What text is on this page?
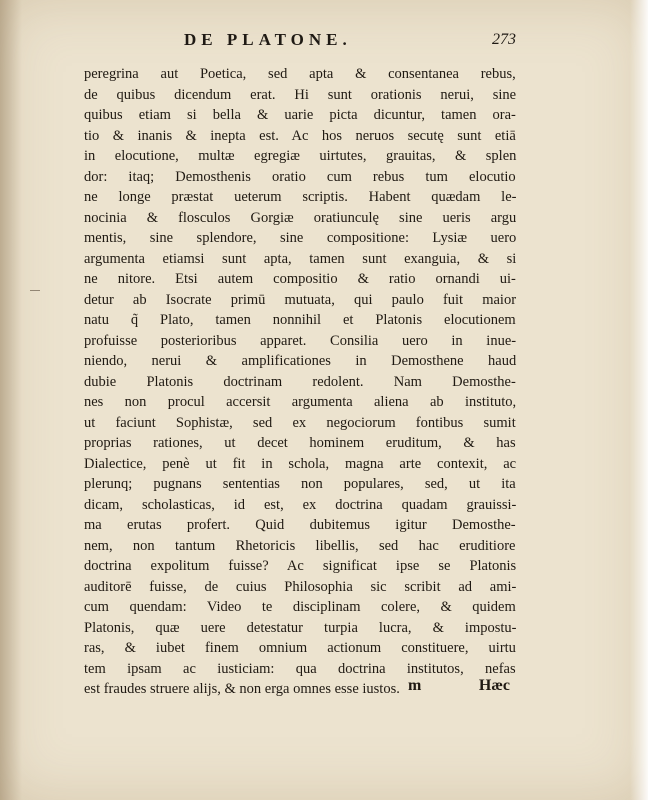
DE PLATONE.	273
peregrina aut Poetica, sed apta & consentanea rebus,
de quibus dicendum erat. Hi sunt orationis nerui, sine
quibus etiam si bella & uarie picta dicuntur, tamen ora-
tio & inanis & inepta est. Ac hos neruos secutę sunt etiā
in elocutione, multæ egregiæ uirtutes, grauitas, & splen
dor: itaq; Demosthenis oratio cum rebus tum elocutio
ne longe præstat ueterum scriptis. Habent quædam le-
nocinia & flosculos Gorgiæ oratiunculę sine ueris argu
mentis, sine splendore, sine compositione: Lysiæ uero
argumenta etiamsi sunt apta, tamen sunt exanguia, & si
ne nitore. Etsi autem compositio & ratio ornandi ui-
detur ab Isocrate primū mutuata, qui paulo fuit maior
natu q̃ Plato, tamen nonnihil et Platonis elocutionem
profuisse posterioribus apparet. Consilia uero in inue-
niendo, nerui & amplificationes in Demosthene haud
dubie Platonis doctrinam redolent. Nam Demosthe-
nes non procul accersit argumenta aliena ab instituto,
ut faciunt Sophistæ, sed ex negociorum fontibus sumit
proprias rationes, ut decet hominem eruditum, & has
Dialectice, penè ut fit in schola, magna arte contexit, ac
plerunq; pugnans sententias non populares, sed, ut ita
dicam, scholasticas, id est, ex doctrina quadam grauissi-
ma erutas profert. Quid dubitemus igitur Demosthe-
nem, non tantum Rhetoricis libellis, sed hac eruditiore
doctrina expolitum fuisse? Ac significat ipse se Platonis
auditorē fuisse, de cuius Philosophia sic scribit ad ami-
cum quendam: Video te disciplinam colere, & quidem
Platonis, quæ uere detestatur turpia lucra, & impostu-
ras, & iubet finem omnium actionum constituere, uirtu
tem ipsam ac iusticiam: qua doctrina institutos, nefas
est fraudes struere alijs, & non erga omnes esse iustos. m	Hæc
